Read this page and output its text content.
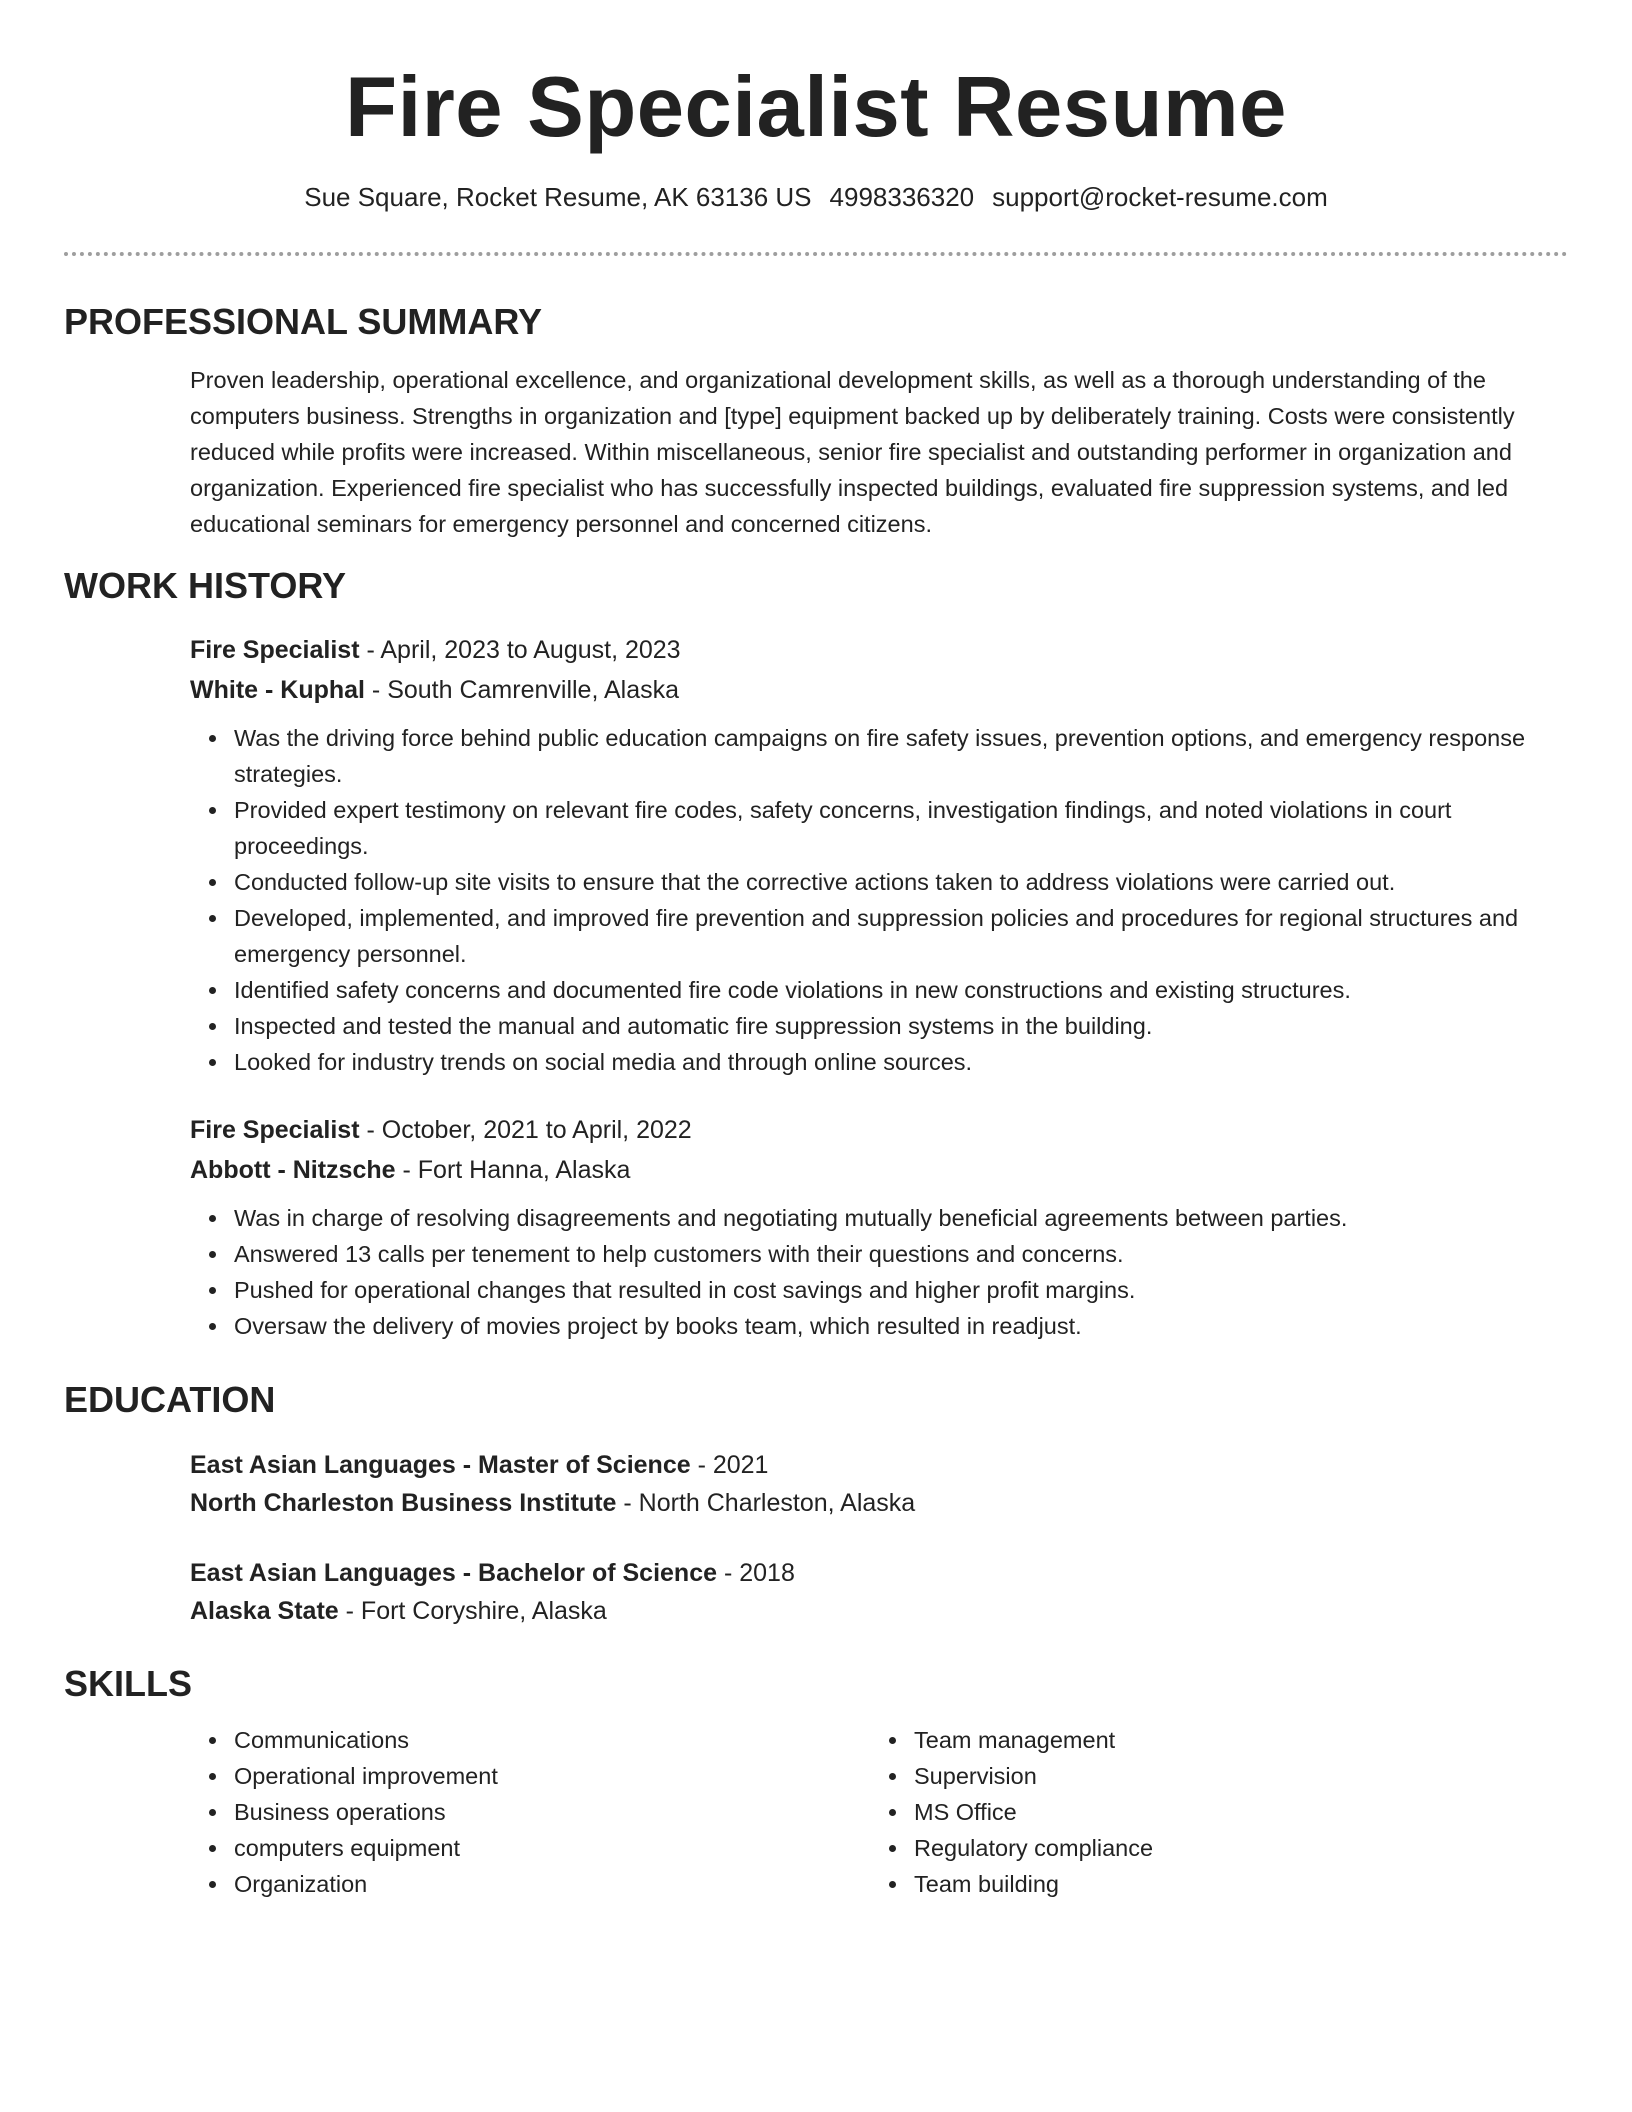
Fire Specialist Resume
Sue Square, Rocket Resume, AK 63136 US 4998336320 support@rocket-resume.com
PROFESSIONAL SUMMARY

Proven leadership, operational excellence, and organizational development skills, as well as a thorough understanding of the computers business. Strengths in organization and [type] equipment backed up by deliberately training. Costs were consistently reduced while profits were increased. Within miscellaneous, senior fire specialist and outstanding performer in organization and organization. Experienced fire specialist who has successfully inspected buildings, evaluated fire suppression systems, and led educational seminars for emergency personnel and concerned citizens.

WORK HISTORY
Fire Specialist - April, 2023 to August, 2023
White - Kuphal - South Camrenville, Alaska
Was the driving force behind public education campaigns on fire safety issues, prevention options, and emergency response strategies.
Provided expert testimony on relevant fire codes, safety concerns, investigation findings, and noted violations in court proceedings.
Conducted follow-up site visits to ensure that the corrective actions taken to address violations were carried out.
Developed, implemented, and improved fire prevention and suppression policies and procedures for regional structures and emergency personnel.
Identified safety concerns and documented fire code violations in new constructions and existing structures.
Inspected and tested the manual and automatic fire suppression systems in the building.
Looked for industry trends on social media and through online sources.
Fire Specialist - October, 2021 to April, 2022
Abbott - Nitzsche - Fort Hanna, Alaska
Was in charge of resolving disagreements and negotiating mutually beneficial agreements between parties.
Answered 13 calls per tenement to help customers with their questions and concerns.
Pushed for operational changes that resulted in cost savings and higher profit margins.
Oversaw the delivery of movies project by books team, which resulted in readjust.
EDUCATION
East Asian Languages - Master of Science - 2021
North Charleston Business Institute - North Charleston, Alaska
East Asian Languages - Bachelor of Science - 2018
Alaska State - Fort Coryshire, Alaska
SKILLS
Communications
Operational improvement
Business operations
computers equipment
Organization
Team management
Supervision
MS Office
Regulatory compliance
Team building
